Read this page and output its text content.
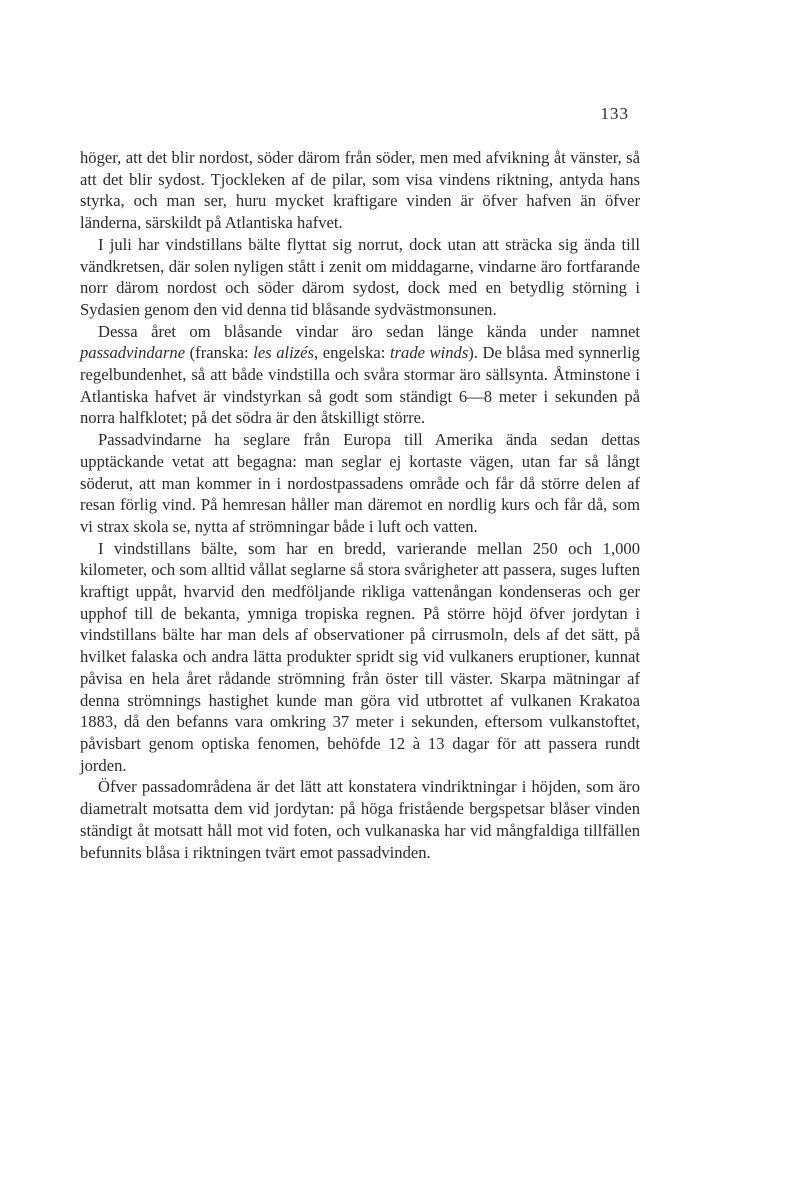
133

höger, att det blir nordost, söder därom från söder, men med afvikning åt vänster, så att det blir sydost. Tjockleken af de pilar, som visa vindens riktning, antyda hans styrka, och man ser, huru mycket kraftigare vinden är öfver hafven än öfver länderna, särskildt på Atlantiska hafvet.

I juli har vindstillans bälte flyttat sig norrut, dock utan att sträcka sig ända till vändkretsen, där solen nyligen stått i zenit om middagarne, vindarne äro fortfarande norr därom nordost och söder därom sydost, dock med en betydlig störning i Sydasien genom den vid denna tid blåsande sydvästmonsunen.

Dessa året om blåsande vindar äro sedan länge kända under namnet passadvindarne (franska: les alizés, engelska: trade winds). De blåsa med synnerlig regelbundenhet, så att både vindstilla och svåra stormar äro sällsynta. Åtminstone i Atlantiska hafvet är vindstyrkan så godt som ständigt 6—8 meter i sekunden på norra halfklotet; på det södra är den åtskilligt större.

Passadvindarne ha seglare från Europa till Amerika ända sedan dettas upptäckande vetat att begagna: man seglar ej kortaste vägen, utan far så långt söderut, att man kommer in i nordostpassadens område och får då större delen af resan förlig vind. På hemresan håller man däremot en nordlig kurs och får då, som vi strax skola se, nytta af strömningar både i luft och vatten.

I vindstillans bälte, som har en bredd, varierande mellan 250 och 1,000 kilometer, och som alltid vållat seglarne så stora svårigheter att passera, suges luften kraftigt uppåt, hvarvid den medföljande rikliga vattenångan kondenseras och ger upphof till de bekanta, ymniga tropiska regnen. På större höjd öfver jordytan i vindstillans bälte har man dels af observationer på cirrusmoln, dels af det sätt, på hvilket falaska och andra lätta produkter spridt sig vid vulkaners eruptioner, kunnat påvisa en hela året rådande strömning från öster till väster. Skarpa mätningar af denna strömnings hastighet kunde man göra vid utbrottet af vulkanen Krakatoa 1883, då den befanns vara omkring 37 meter i sekunden, eftersom vulkanstoftet, påvisbart genom optiska fenomen, behöfde 12 à 13 dagar för att passera rundt jorden.

Öfver passadområdena är det lätt att konstatera vindriktningar i höjden, som äro diametralt motsatta dem vid jordytan: på höga fristående bergspetsar blåser vinden ständigt åt motsatt håll mot vid foten, och vulkanaska har vid mångfaldiga tillfällen befunnits blåsa i riktningen tvärt emot passadvinden.
